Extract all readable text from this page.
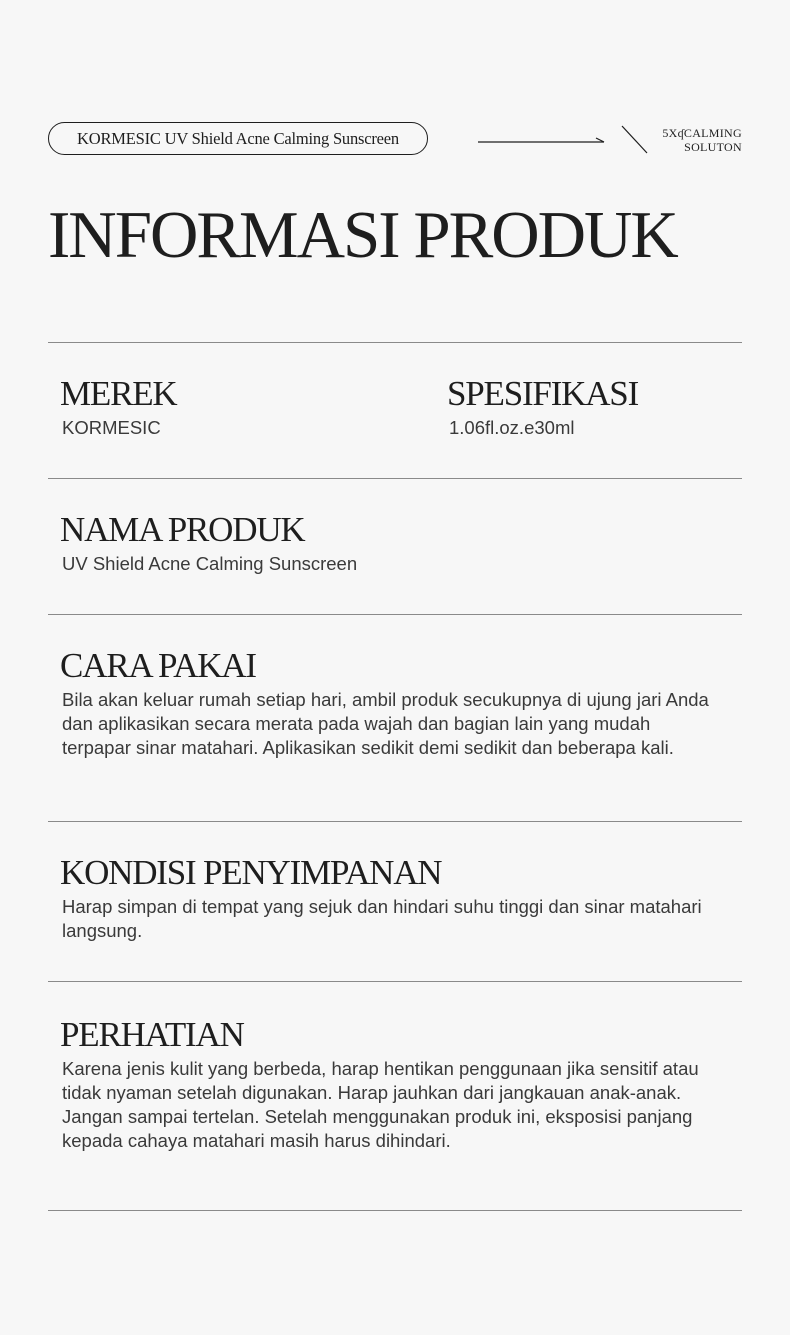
KORMESIC UV Shield Acne Calming Sunscreen	5XʠCALMING
SOLUTON
INFORMASI PRODUK
MEREK

KORMESIC

SPESIFIKASI

1.06fl.oz.e30ml

NAMA PRODUK

UV Shield Acne Calming Sunscreen

CARA PAKAI

Bila akan keluar rumah setiap hari, ambil produk secukupnya di ujung jari Anda dan aplikasikan secara merata pada wajah dan bagian lain yang mudah terpapar sinar matahari. Aplikasikan sedikit demi sedikit dan beberapa kali.

KONDISI PENYIMPANAN

Harap simpan di tempat yang sejuk dan hindari suhu tinggi dan sinar matahari langsung.

PERHATIAN

Karena jenis kulit yang berbeda, harap hentikan penggunaan jika sensitif atau tidak nyaman setelah digunakan. Harap jauhkan dari jangkauan anak-anak. Jangan sampai tertelan. Setelah menggunakan produk ini, eksposisi panjang kepada cahaya matahari masih harus dihindari.
